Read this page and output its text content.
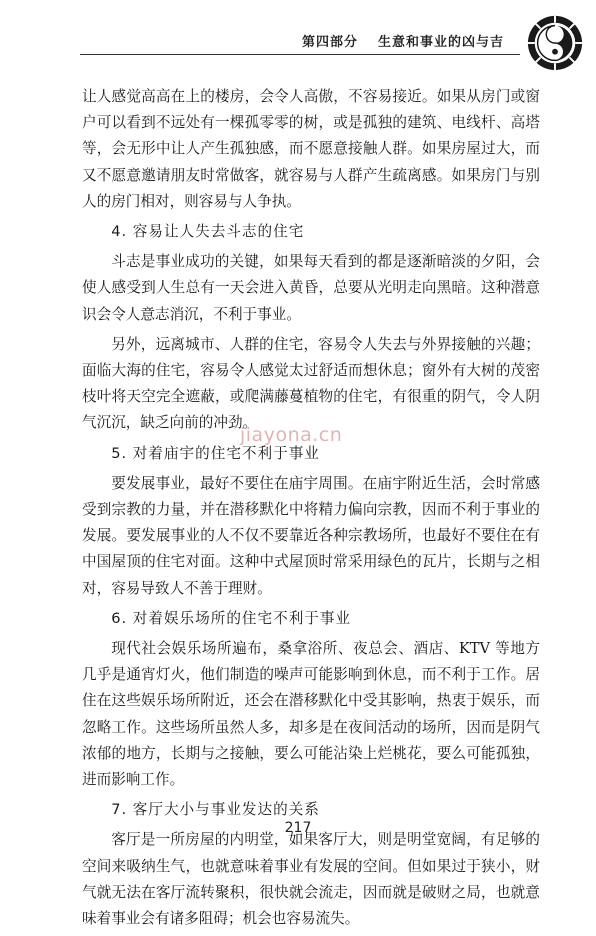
第四部分 生意和事业的凶与吉

让人感觉高高在上的楼房，会令人高傲，不容易接近。如果从房门或窗户可以看到不远处有一棵孤零零的树，或是孤独的建筑、电线杆、高塔等，会无形中让人产生孤独感，而不愿意接触人群。如果房屋过大，而又不愿意邀请朋友时常做客，就容易与人群产生疏离感。如果房门与别人的房门相对，则容易与人争执。

4. 容易让人失去斗志的住宅

斗志是事业成功的关键，如果每天看到的都是逐渐暗淡的夕阳，会使人感受到人生总有一天会进入黄昏，总要从光明走向黑暗。这种潜意识会令人意志消沉，不利于事业。

另外，远离城市、人群的住宅，容易令人失去与外界接触的兴趣；面临大海的住宅，容易令人感觉太过舒适而想休息；窗外有大树的茂密枝叶将天空完全遮蔽，或爬满藤蔓植物的住宅，有很重的阴气，令人阴气沉沉，缺乏向前的冲劲。

5. 对着庙宇的住宅不利于事业

要发展事业，最好不要住在庙宇周围。在庙宇附近生活，会时常感受到宗教的力量，并在潜移默化中将精力偏向宗教，因而不利于事业的发展。要发展事业的人不仅不要靠近各种宗教场所，也最好不要住在有中国屋顶的住宅对面。这种中式屋顶时常采用绿色的瓦片，长期与之相对，容易导致人不善于理财。

6. 对着娱乐场所的住宅不利于事业

现代社会娱乐场所遍布，桑拿浴所、夜总会、酒店、KTV 等地方几乎是通宵灯火，他们制造的噪声可能影响到休息，而不利于工作。居住在这些娱乐场所附近，还会在潜移默化中受其影响，热衷于娱乐，而忽略工作。这些场所虽然人多，却多是在夜间活动的场所，因而是阴气浓郁的地方，长期与之接触，要么可能沾染上烂桃花，要么可能孤独，进而影响工作。

7. 客厅大小与事业发达的关系

客厅是一所房屋的内明堂，如果客厅大，则是明堂宽阔，有足够的空间来吸纳生气，也就意味着事业有发展的空间。但如果过于狭小，财气就无法在客厅流转聚积，很快就会流走，因而就是破财之局，也就意味着事业会有诸多阻碍；机会也容易流失。

jiayona.cn
217
